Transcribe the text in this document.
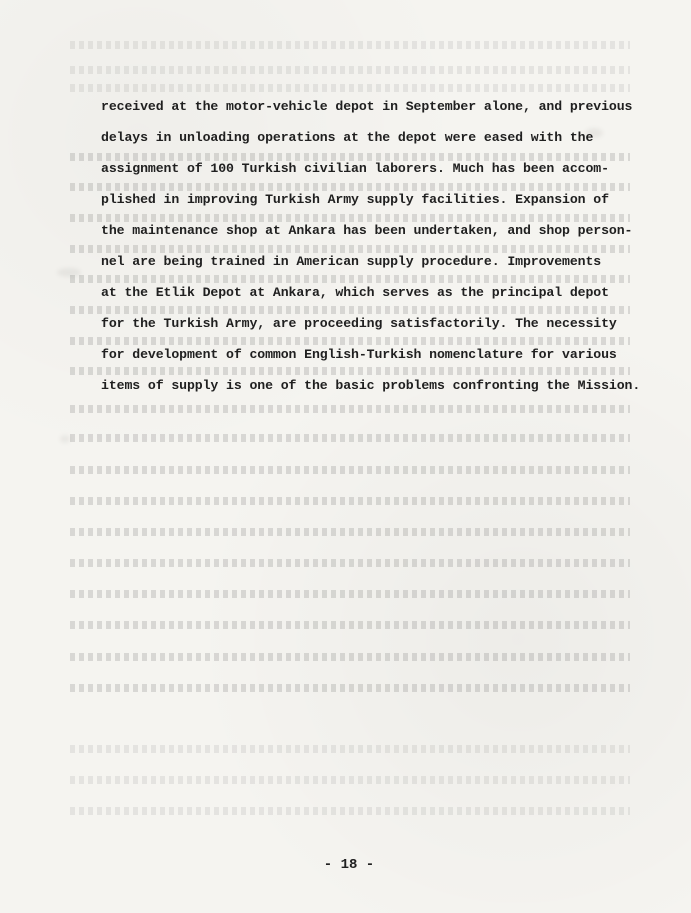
received at the motor-vehicle depot in September alone, and previous
delays in unloading operations at the depot were eased with the
assignment of 100 Turkish civilian laborers. Much has been accom-
plished in improving Turkish Army supply facilities. Expansion of
the maintenance shop at Ankara has been undertaken, and shop person-
nel are being trained in American supply procedure. Improvements
at the Etlik Depot at Ankara, which serves as the principal depot
for the Turkish Army, are proceeding satisfactorily. The necessity
for development of common English-Turkish nomenclature for various
items of supply is one of the basic problems confronting the Mission.
- 18 -
